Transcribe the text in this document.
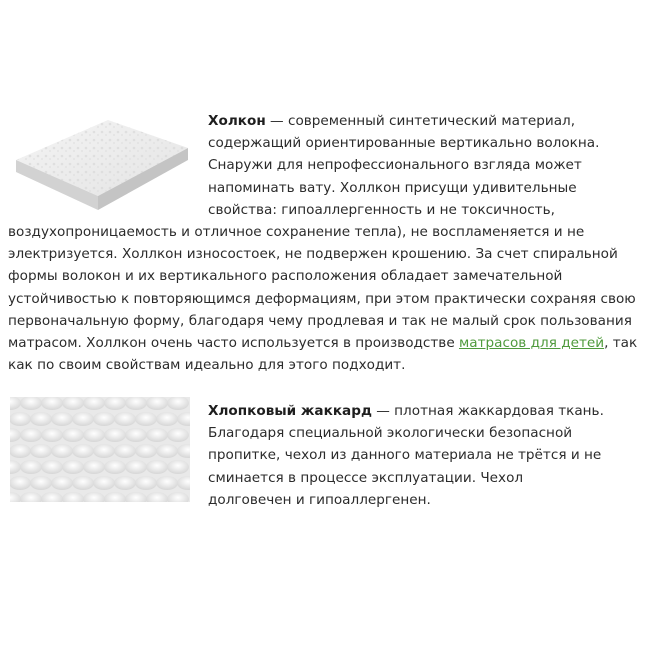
Холкон — современный синтетический материал, содержащий ориентированные вертикально волокна. Снаружи для непрофессионального взгляда может напоминать вату. Холлкон присущи удивительные свойства: гипоаллергенность и не токсичность, воздухопроницаемость и отличное сохранение тепла), не воспламеняется и не электризуется. Холлкон износостоек, не подвержен крошению. За счет спиральной формы волокон и их вертикального расположения обладает замечательной устойчивостью к повторяющимся деформациям, при этом практически сохраняя свою первоначальную форму, благодаря чему продлевая и так не малый срок пользования матрасом. Холлкон очень часто используется в производстве матрасов для детей, так как по своим свойствам идеально для этого подходит.
Хлопковый жаккард — плотная жаккардовая ткань. Благодаря специальной экологически безопасной пропитке, чехол из данного материала не трётся и не сминается в процессе эксплуатации. Чехол долговечен и гипоаллергенен.
